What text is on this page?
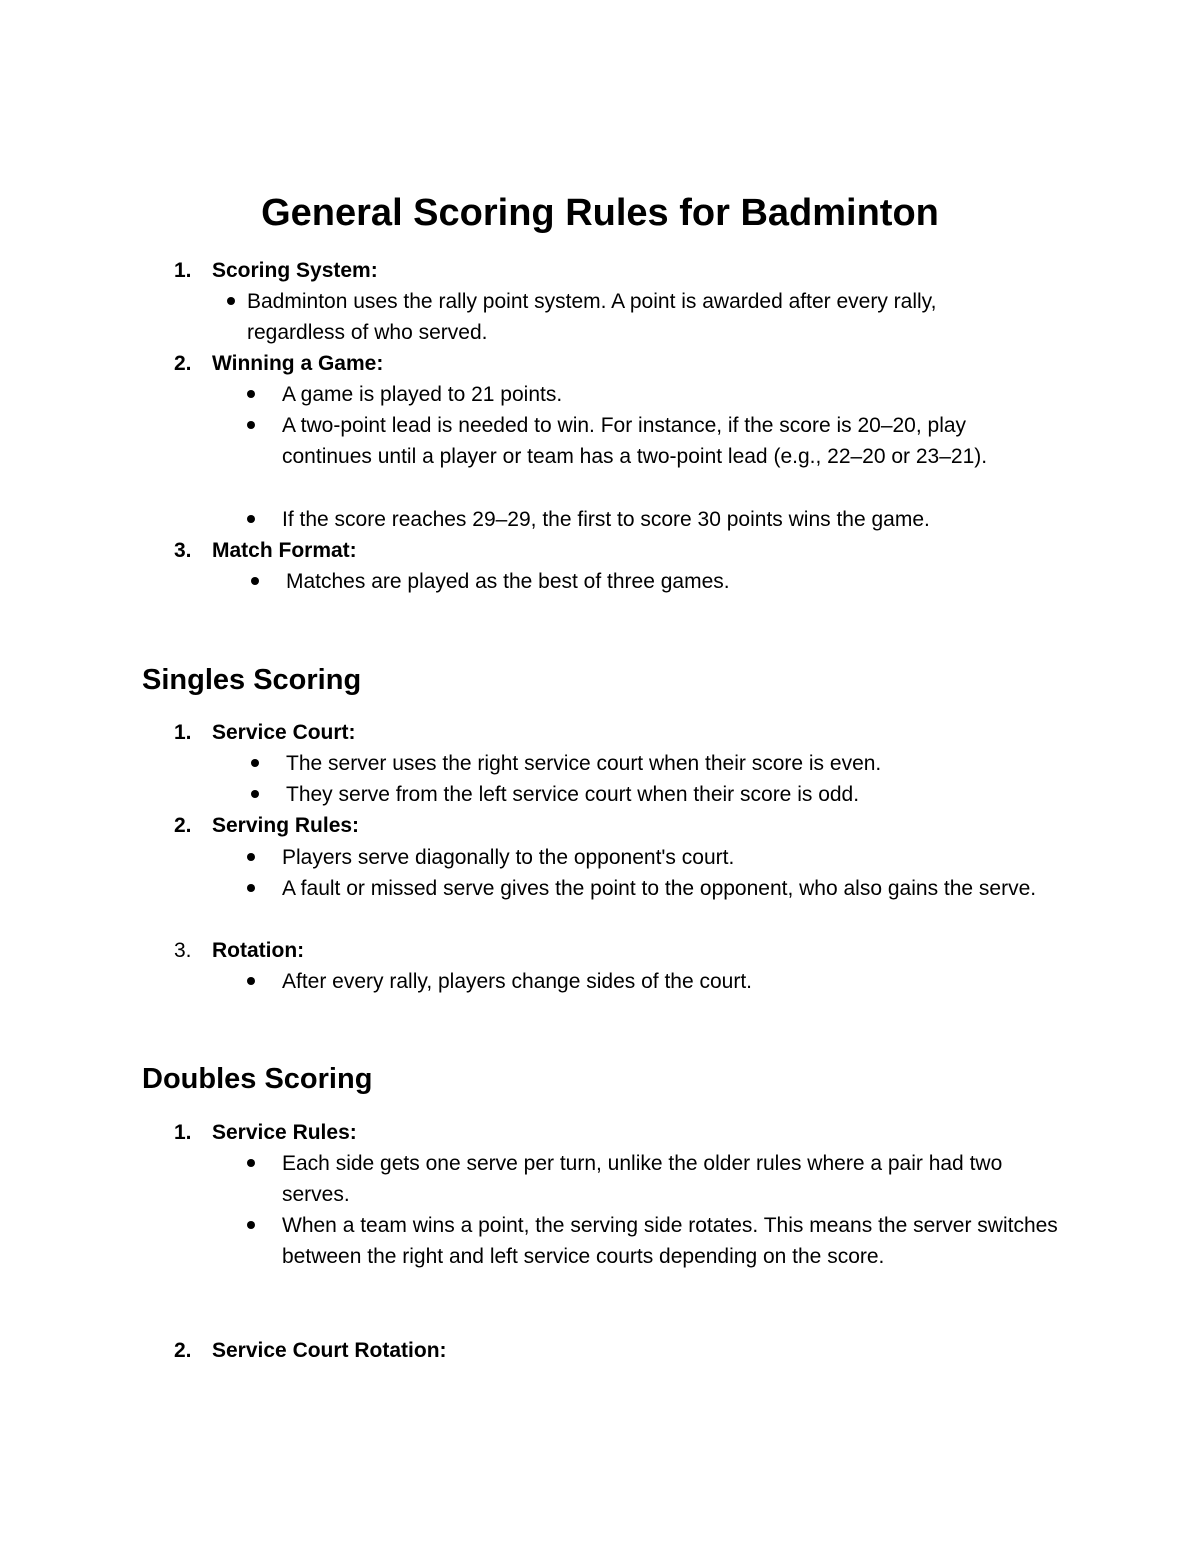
General Scoring Rules for Badminton
1. Scoring System:
Badminton uses the rally point system. A point is awarded after every rally, regardless of who served.
2. Winning a Game:
A game is played to 21 points.
A two-point lead is needed to win. For instance, if the score is 20–20, play continues until a player or team has a two-point lead (e.g., 22–20 or 23–21).
If the score reaches 29–29, the first to score 30 points wins the game.
3. Match Format:
Matches are played as the best of three games.
Singles Scoring
1. Service Court:
The server uses the right service court when their score is even.
They serve from the left service court when their score is odd.
2. Serving Rules:
Players serve diagonally to the opponent's court.
A fault or missed serve gives the point to the opponent, who also gains the serve.
3. Rotation:
After every rally, players change sides of the court.
Doubles Scoring
1. Service Rules:
Each side gets one serve per turn, unlike the older rules where a pair had two serves.
When a team wins a point, the serving side rotates. This means the server switches between the right and left service courts depending on the score.
2. Service Court Rotation:
